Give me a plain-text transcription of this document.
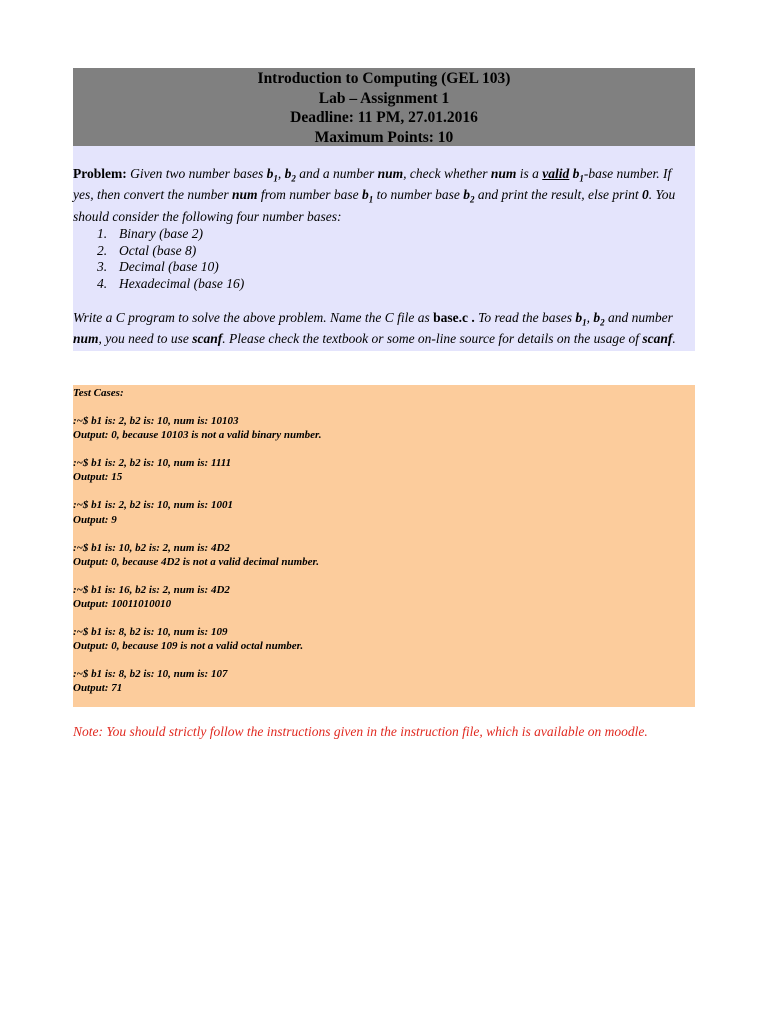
Introduction to Computing (GEL 103)
Lab – Assignment 1
Deadline: 11 PM, 27.01.2016
Maximum Points: 10

Problem: Given two number bases $b_1$, $b_2$ and a number num, check whether num is a valid $b_1$-base number. If yes, then convert the number num from number base $b_1$ to number base $b_2$ and print the result, else print 0. You should consider the following four number bases:

1. Binary (base 2)
2. Octal (base 8)
3. Decimal (base 10)
4. Hexadecimal (base 16)

Write a C program to solve the above problem. Name the C file as base.c . To read the bases $b_1$, $b_2$ and number num, you need to use scanf. Please check the textbook or some on-line source for details on the usage of scanf.

Test Cases:
:~$ b1 is: 2, b2 is: 10, num is: 10103
Output: 0, because 10103 is not a valid binary number.
:~$ b1 is: 2, b2 is: 10, num is: 1111
Output: 15
:~$ b1 is: 2, b2 is: 10, num is: 1001
Output: 9
:~$ b1 is: 10, b2 is: 2, num is: 4D2
Output: 0, because 4D2 is not a valid decimal number.
:~$ b1 is: 16, b2 is: 2, num is: 4D2
Output: 10011010010
:~$ b1 is: 8, b2 is: 10, num is: 109
Output: 0, because 109 is not a valid octal number.
:~$ b1 is: 8, b2 is: 10, num is: 107
Output: 71
Note: You should strictly follow the instructions given in the instruction file, which is available on moodle.
